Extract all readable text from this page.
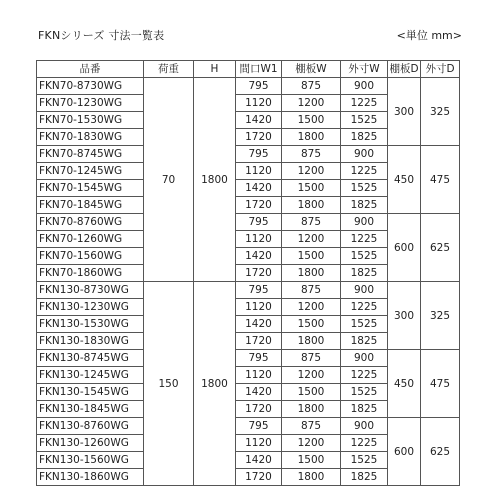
FKNシリーズ 寸法一覧表	<単位 mm>
品番	荷重	H	間口W1	棚板W	外寸W	棚板D	外寸D
FKN70-8730WG	70	1800	795	875	900	300	325
FKN70-1230WG			1120	1200	1225		
FKN70-1530WG			1420	1500	1525		
FKN70-1830WG			1720	1800	1825		
FKN70-8745WG			795	875	900	450	475
FKN70-1245WG			1120	1200	1225		
FKN70-1545WG			1420	1500	1525		
FKN70-1845WG			1720	1800	1825		
FKN70-8760WG			795	875	900	600	625
FKN70-1260WG			1120	1200	1225		
FKN70-1560WG			1420	1500	1525		
FKN70-1860WG			1720	1800	1825		
FKN130-8730WG	150	1800	795	875	900	300	325
FKN130-1230WG			1120	1200	1225		
FKN130-1530WG			1420	1500	1525		
FKN130-1830WG			1720	1800	1825		
FKN130-8745WG			795	875	900	450	475
FKN130-1245WG			1120	1200	1225		
FKN130-1545WG			1420	1500	1525		
FKN130-1845WG			1720	1800	1825		
FKN130-8760WG			795	875	900	600	625
FKN130-1260WG			1120	1200	1225		
FKN130-1560WG			1420	1500	1525		
FKN130-1860WG			1720	1800	1825		
